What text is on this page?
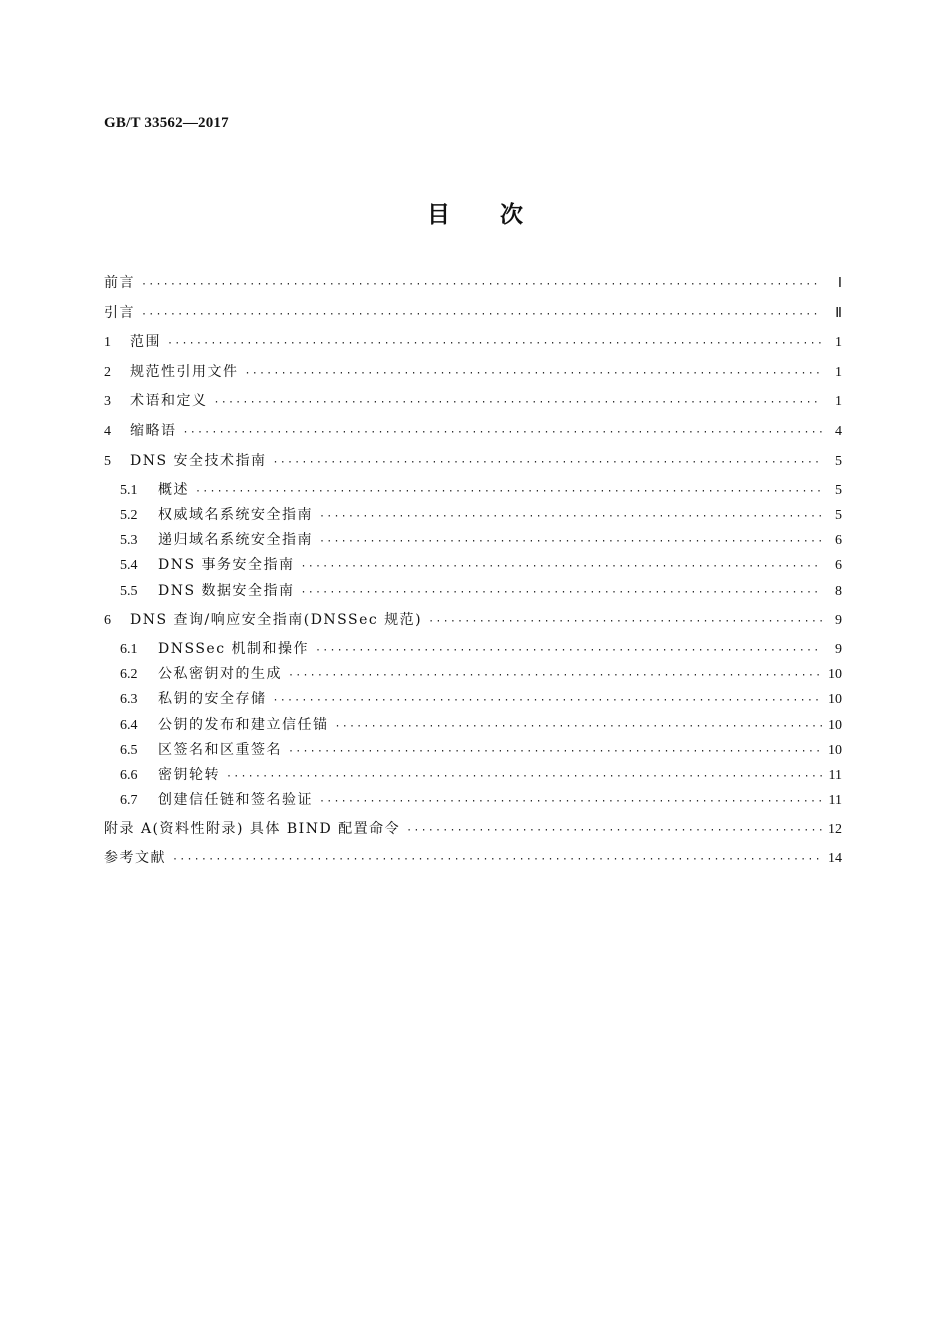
GB/T 33562—2017
目次
前言 ·····	Ⅰ
引言 ·····	Ⅱ
1	范围 ·····	1
2	规范性引用文件 ·····	1
3	术语和定义 ·····	1
4	缩略语 ·····	4
5	DNS 安全技术指南 ·····	5
5.1	概述 ·····	5
5.2	权威域名系统安全指南 ·····	5
5.3	递归域名系统安全指南 ·····	6
5.4	DNS 事务安全指南 ·····	6
5.5	DNS 数据安全指南 ·····	8
6	DNS 查询/响应安全指南(DNSSec 规范) ·····	9
6.1	DNSSec 机制和操作 ·····	9
6.2	公私密钥对的生成 ·····	10
6.3	私钥的安全存储 ·····	10
6.4	公钥的发布和建立信任锚 ·····	10
6.5	区签名和区重签名 ·····	10
6.6	密钥轮转 ·····	11
6.7	创建信任链和签名验证 ·····	11
附录 A(资料性附录) 具体 BIND 配置命令 ·····	12
参考文献 ·····	14
